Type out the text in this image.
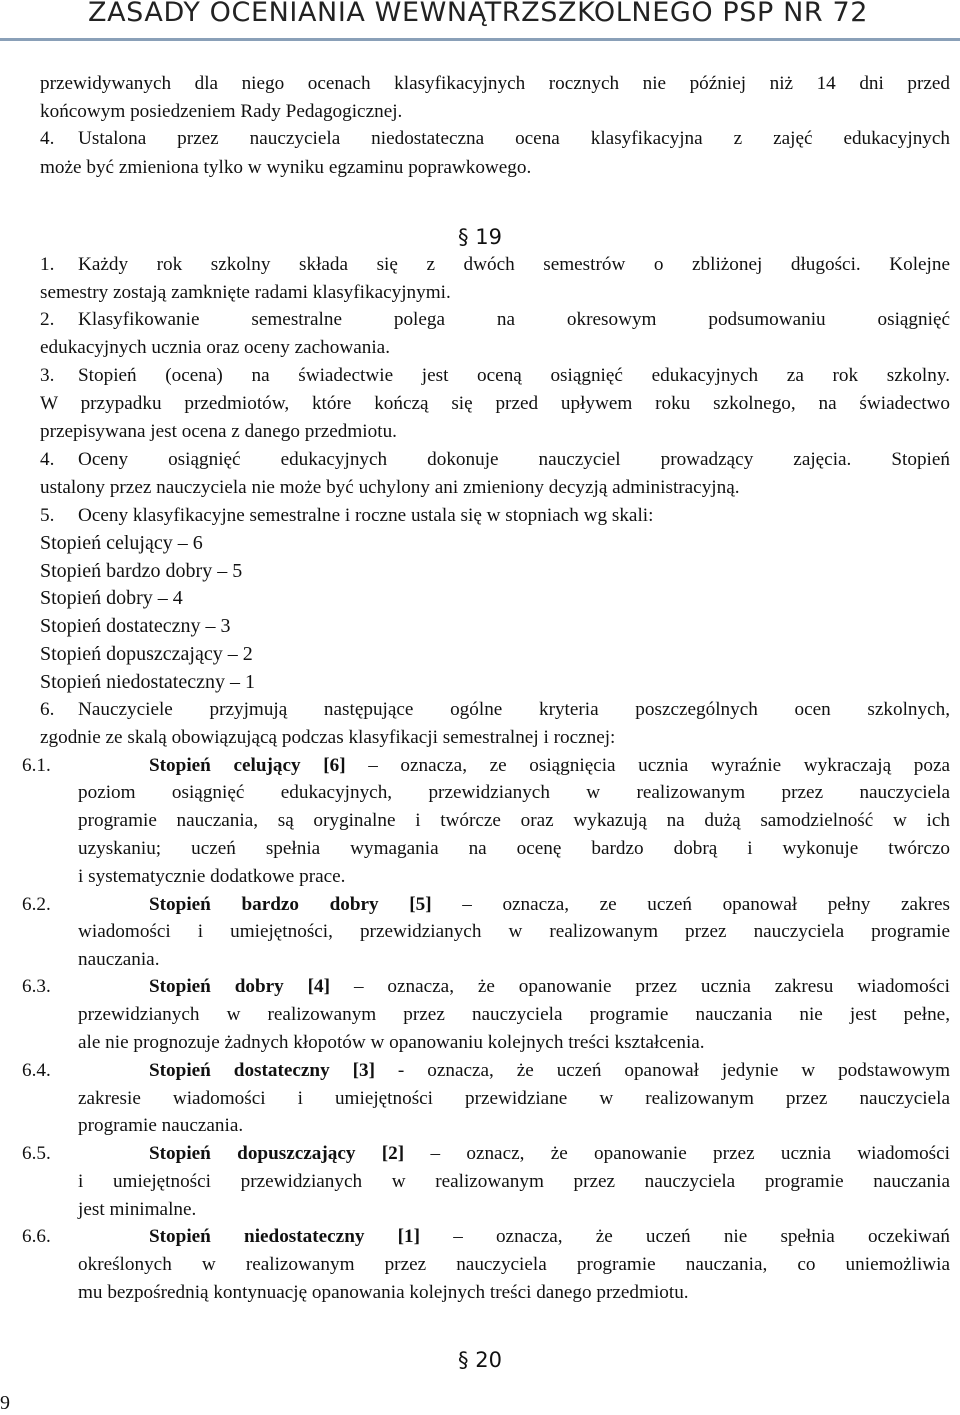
ZASADY OCENIANIA WEWNĄTRZSZKOLNEGO PSP NR 72
przewidywanych dla niego ocenach klasyfikacyjnych rocznych nie później niż 14 dni przed
końcowym posiedzeniem Rady Pedagogicznej.
4. Ustalona przez nauczyciela niedostateczna ocena klasyfikacyjna z zajęć edukacyjnych
może być zmieniona tylko w wyniku egzaminu poprawkowego.
§ 19
1. Każdy rok szkolny składa się z dwóch semestrów o zbliżonej długości. Kolejne
semestry zostają zamknięte radami klasyfikacyjnymi.
2. Klasyfikowanie semestralne polega na okresowym podsumowaniu osiągnięć
edukacyjnych ucznia oraz oceny zachowania.
3. Stopień (ocena) na świadectwie jest oceną osiągnięć edukacyjnych za rok szkolny.
W przypadku przedmiotów, które kończą się przed upływem roku szkolnego, na świadectwo
przepisywana jest ocena z danego przedmiotu.
4. Oceny osiągnięć edukacyjnych dokonuje nauczyciel prowadzący zajęcia. Stopień
ustalony przez nauczyciela nie może być uchylony ani zmieniony decyzją administracyjną.
5. Oceny klasyfikacyjne semestralne i roczne ustala się w stopniach wg skali:
Stopień celujący – 6
Stopień bardzo dobry – 5
Stopień dobry – 4
Stopień dostateczny – 3
Stopień dopuszczający – 2
Stopień niedostateczny – 1
6. Nauczyciele przyjmują następujące ogólne kryteria poszczególnych ocen szkolnych,
zgodnie ze skalą obowiązującą podczas klasyfikacji semestralnej i rocznej:
6.1.	Stopień celujący [6] – oznacza, ze osiągnięcia ucznia wyraźnie wykraczają poza
poziom osiągnięć edukacyjnych, przewidzianych w realizowanym przez nauczyciela
programie nauczania, są oryginalne i twórcze oraz wykazują na dużą samodzielność w ich
uzyskaniu; uczeń spełnia wymagania na ocenę bardzo dobrą i wykonuje twórczo
i systematycznie dodatkowe prace.
6.2.	Stopień bardzo dobry [5] – oznacza, ze uczeń opanował pełny zakres
wiadomości i umiejętności, przewidzianych w realizowanym przez nauczyciela programie
nauczania.
6.3.	Stopień dobry [4] – oznacza, że opanowanie przez ucznia zakresu wiadomości
przewidzianych w realizowanym przez nauczyciela programie nauczania nie jest pełne,
ale nie prognozuje żadnych kłopotów w opanowaniu kolejnych treści kształcenia.
6.4.	Stopień dostateczny [3] - oznacza, że uczeń opanował jedynie w podstawowym
zakresie wiadomości i umiejętności przewidziane w realizowanym przez nauczyciela
programie nauczania.
6.5.	Stopień dopuszczający [2] – oznacz, że opanowanie przez ucznia wiadomości
i umiejętności przewidzianych w realizowanym przez nauczyciela programie nauczania
jest minimalne.
6.6.	Stopień niedostateczny [1] – oznacza, że uczeń nie spełnia oczekiwań
określonych w realizowanym przez nauczyciela programie nauczania, co uniemożliwia
mu bezpośrednią kontynuację opanowania kolejnych treści danego przedmiotu.
§ 20
9
